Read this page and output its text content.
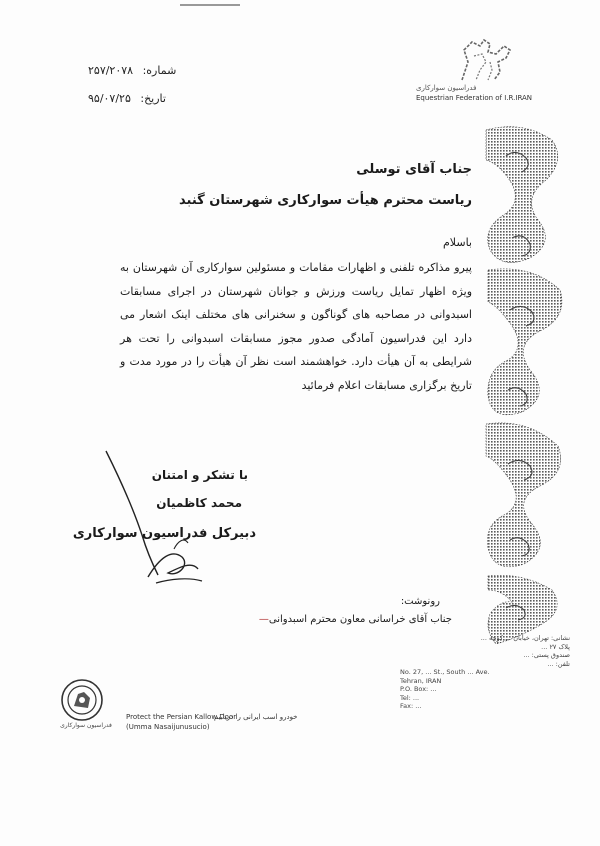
شماره: ۲۵۷/۲۰۷۸
تاریخ: ۹۵/۰۷/۲۵
فدراسیون سوارکاری
Equestrian Federation of I.R.IRAN
جناب آقای توسلی
ریاست محترم هیأت سوارکاری شهرستان گنبد
باسلام
پیرو مذاکره تلفنی و اظهارات مقامات و مسئولین سوارکاری آن شهرستان به ویژه اظهار تمایل ریاست ورزش و جوانان شهرستان در اجرای مسابقات اسبدوانی در مصاحبه های گوناگون و سخنرانی های مختلف اینک اشعار می دارد این فدراسیون آمادگی صدور مجوز مسابقات اسبدوانی را تحت هر شرایطی به آن هیأت دارد. خواهشمند است نظر آن هیأت را در مورد مدت و تاریخ برگزاری مسابقات اعلام فرمائید
با تشکر و امتنان
محمد کاظمیان
دبیرکل فدراسیون سوارکاری
رونوشت:
جناب آقای خراسانی معاون محترم اسبدوانی—
فدراسیون سوارکاری
Protect the Persian Kallow Door
(Umma Nasaijunusucio)
خودرو اسب ایرانی را دریابیم
نشانی: تهران، خیابان ... کوچه ...
پلاک ۲۷ ...
صندوق پستی: ...
تلفن: ...
No. 27, ... St., South ... Ave.
Tehran, IRAN
P.O. Box: ...
Tel: ...
Fax: ...
